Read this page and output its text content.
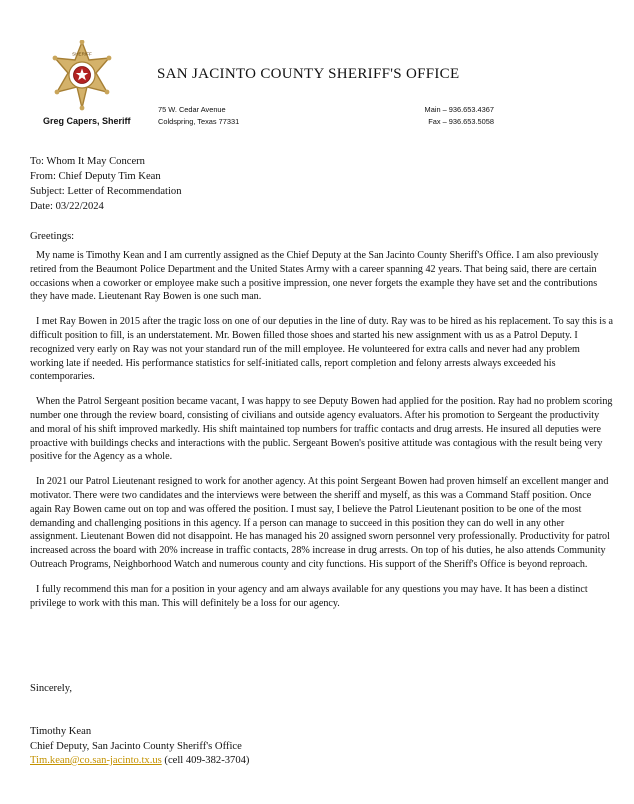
SHERIFF
Greg Capers, Sheriff
SAN JACINTO COUNTY SHERIFF'S OFFICE
75 W. Cedar Avenue
Coldspring, Texas 77331
Main – 936.653.4367
Fax – 936.653.5058
To: Whom It May Concern
From: Chief Deputy Tim Kean
Subject: Letter of Recommendation
Date: 03/22/2024
Greetings:

My name is Timothy Kean and I am currently assigned as the Chief Deputy at the San Jacinto County Sheriff's Office. I am also previously retired from the Beaumont Police Department and the United States Army with a career spanning 42 years. That being said, there are certain occasions when a coworker or employee make such a positive impression, one never forgets the example they have set and the contributions they have made. Lieutenant Ray Bowen is one such man.

I met Ray Bowen in 2015 after the tragic loss on one of our deputies in the line of duty. Ray was to be hired as his replacement. To say this is a difficult position to fill, is an understatement. Mr. Bowen filled those shoes and started his new assignment with us as a Patrol Deputy. I recognized very early on Ray was not your standard run of the mill employee. He volunteered for extra calls and never had any problem working late if needed. His performance statistics for self-initiated calls, report completion and felony arrests always exceeded his contemporaries.

When the Patrol Sergeant position became vacant, I was happy to see Deputy Bowen had applied for the position. Ray had no problem scoring number one through the review board, consisting of civilians and outside agency evaluators. After his promotion to Sergeant the productivity and moral of his shift improved markedly. His shift maintained top numbers for traffic contacts and drug arrests. He insured all deputies were proactive with buildings checks and interactions with the public. Sergeant Bowen's positive attitude was contagious with the result being very positive for the Agency as a whole.

In 2021 our Patrol Lieutenant resigned to work for another agency. At this point Sergeant Bowen had proven himself an excellent manger and motivator. There were two candidates and the interviews were between the sheriff and myself, as this was a Command Staff position. Once again Ray Bowen came out on top and was offered the position. I must say, I believe the Patrol Lieutenant position to be one of the most demanding and challenging positions in this agency. If a person can manage to succeed in this position they can do well in any other assignment. Lieutenant Bowen did not disappoint. He has managed his 20 assigned sworn personnel very professionally. Productivity for patrol increased across the board with 20% increase in traffic contacts, 28% increase in drug arrests. On top of his duties, he also attends Community Outreach Programs, Neighborhood Watch and numerous county and city functions. His support of the Sheriff's Office is beyond reproach.

I fully recommend this man for a position in your agency and am always available for any questions you may have. It has been a distinct privilege to work with this man. This will definitely be a loss for our agency.

Sincerely,
Timothy Kean
Chief Deputy, San Jacinto County Sheriff's Office
Tim.kean@co.san-jacinto.tx.us (cell 409-382-3704)
